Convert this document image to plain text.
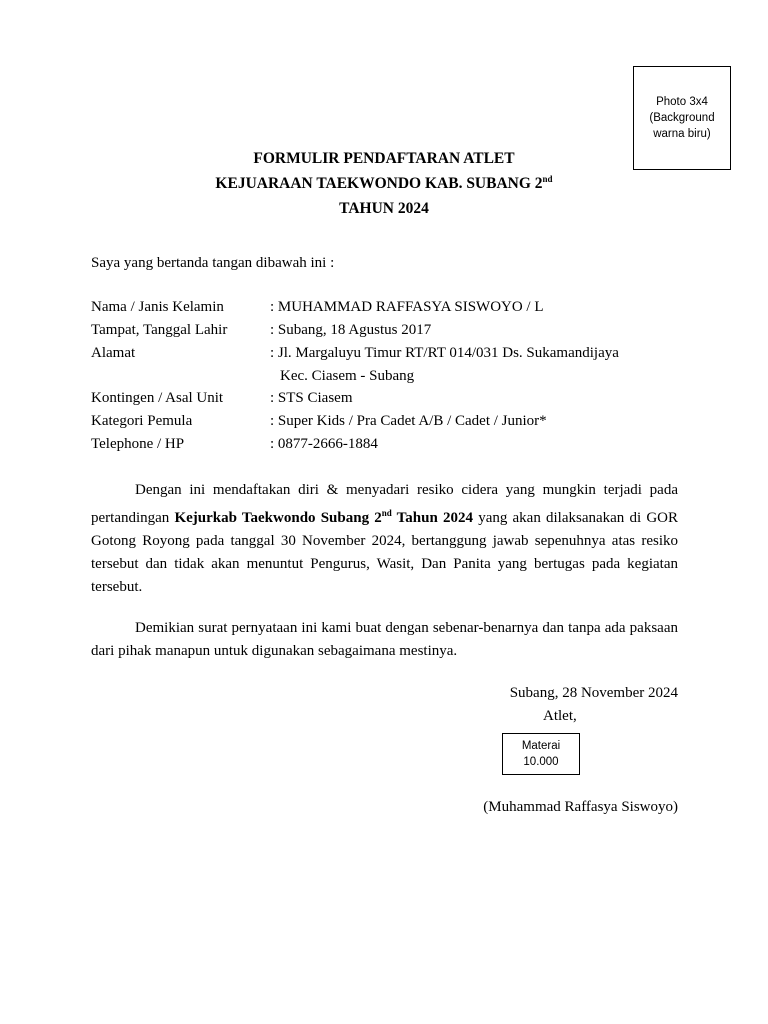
Photo 3x4
(Background
warna biru)
FORMULIR PENDAFTARAN ATLET
KEJUARAAN TAEKWONDO KAB. SUBANG 2nd
TAHUN 2024
Saya yang bertanda tangan dibawah ini :
Nama / Janis Kelamin	: MUHAMMAD RAFFASYA SISWOYO / L
Tampat, Tanggal Lahir	: Subang, 18 Agustus 2017
Alamat	: Jl. Margaluyu Timur RT/RT 014/031 Ds. Sukamandijaya
Kec. Ciasem - Subang
Kontingen / Asal Unit	: STS Ciasem
Kategori Pemula	: Super Kids / Pra Cadet A/B / Cadet / Junior*
Telephone / HP	: 0877-2666-1884
Dengan ini mendaftakan diri & menyadari resiko cidera yang mungkin terjadi pada pertandingan Kejurkab Taekwondo Subang 2nd Tahun 2024 yang akan dilaksanakan di GOR Gotong Royong pada tanggal 30 November 2024, bertanggung jawab sepenuhnya atas resiko tersebut dan tidak akan menuntut Pengurus, Wasit, Dan Panita yang bertugas pada kegiatan tersebut.
Demikian surat pernyataan ini kami buat dengan sebenar-benarnya dan tanpa ada paksaan dari pihak manapun untuk digunakan sebagaimana mestinya.
Subang, 28 November 2024
Atlet,
Materai
10.000
(Muhammad Raffasya Siswoyo)
